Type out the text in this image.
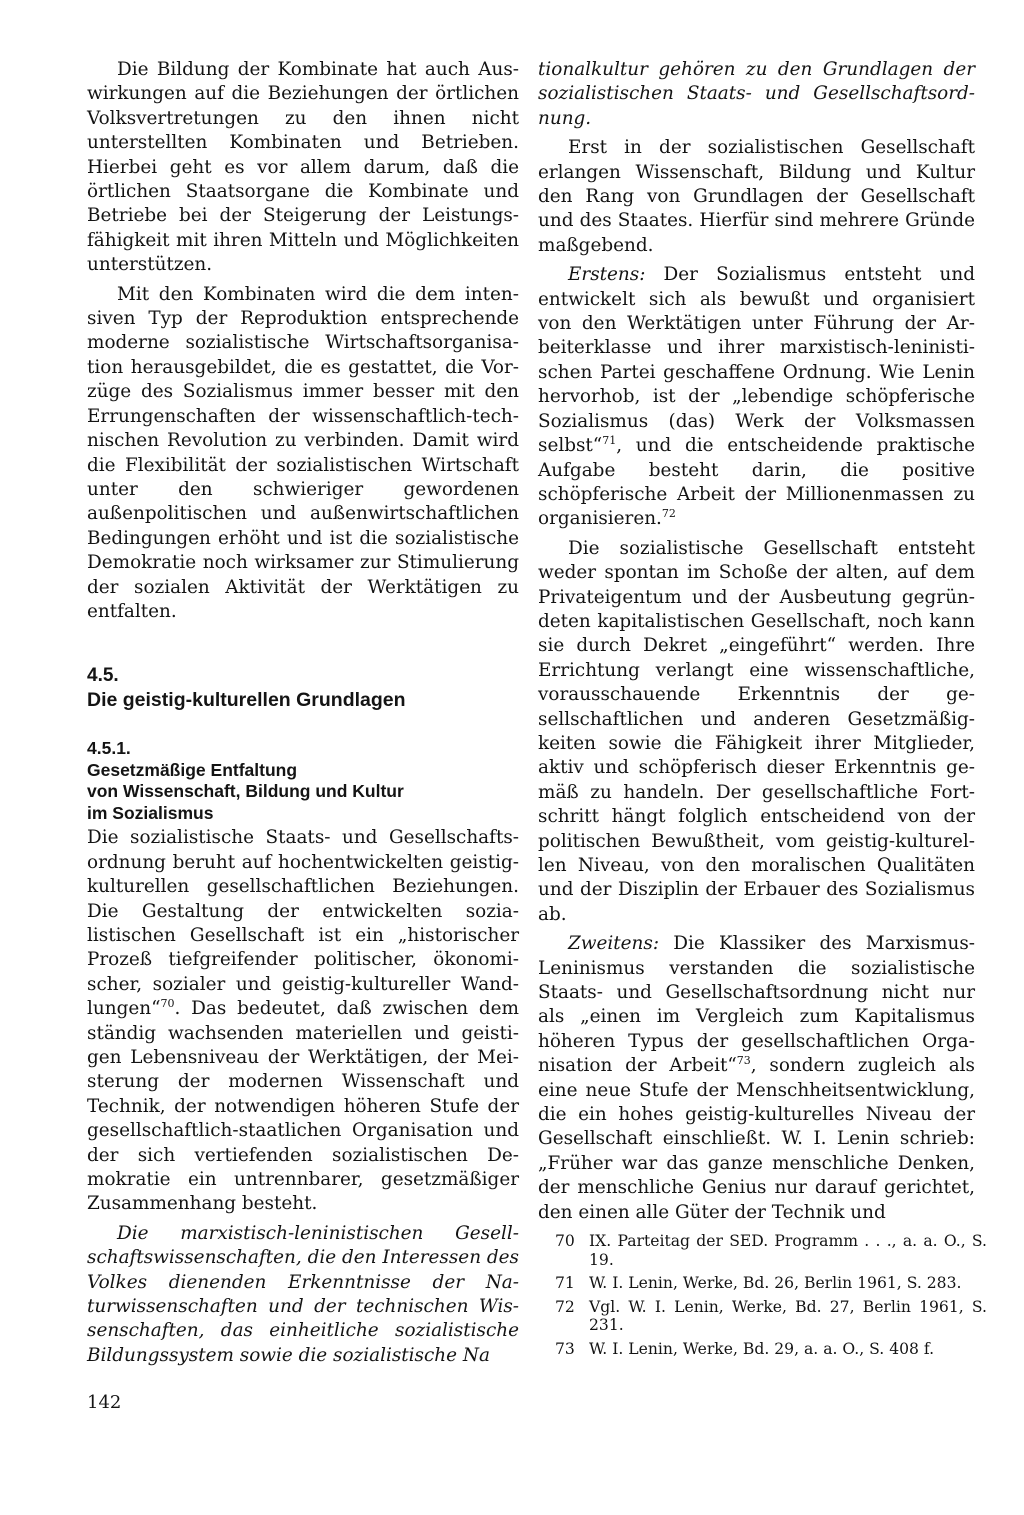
Die Bildung der Kombinate hat auch Auswirkungen auf die Beziehungen der örtlichen Volksvertretungen zu den ihnen nicht unterstellten Kombinaten und Betrieben. Hierbei geht es vor allem darum, daß die örtlichen Staatsorgane die Kombinate und Betriebe bei der Steigerung der Leistungsfähigkeit mit ihren Mitteln und Möglichkeiten unterstützen.

Mit den Kombinaten wird die dem intensiven Typ der Reproduktion entsprechende moderne sozialistische Wirtschaftsorganisation herausgebildet, die es gestattet, die Vorzüge des Sozialismus immer besser mit den Errungenschaften der wissenschaftlich-technischen Revolution zu verbinden. Damit wird die Flexibilität der sozialistischen Wirtschaft unter den schwieriger gewordenen außenpolitischen und außenwirtschaftlichen Bedingungen erhöht und ist die sozialistische Demokratie noch wirksamer zur Stimulierung der sozialen Aktivität der Werktätigen zu entfalten.

4.5.
Die geistig-kulturellen Grundlagen
4.5.1.
Gesetzmäßige Entfaltung
von Wissenschaft, Bildung und Kultur
im Sozialismus

Die sozialistische Staats- und Gesellschaftsordnung beruht auf hochentwickelten geistig-kulturellen gesellschaftlichen Beziehungen. Die Gestaltung der entwickelten sozialistischen Gesellschaft ist ein „historischer Prozeß tiefgreifender politischer, ökonomischer, sozialer und geistig-kultureller Wandlungen“$^{70}$. Das bedeutet, daß zwischen dem ständig wachsenden materiellen und geistigen Lebensniveau der Werktätigen, der Meisterung der modernen Wissenschaft und Technik, der notwendigen höheren Stufe der gesellschaftlich-staatlichen Organisation und der sich vertiefenden sozialistischen Demokratie ein untrennbarer, gesetzmäßiger Zusammenhang besteht.

Die marxistisch-leninistischen Gesellschaftswissenschaften, die den Interessen des Volkes dienenden Erkenntnisse der Naturwissenschaften und der technischen Wissenschaften, das einheitliche sozialistische Bildungssystem sowie die sozialistische Na

tionalkultur gehören zu den Grundlagen der sozialistischen Staats- und Gesellschaftsordnung.

Erst in der sozialistischen Gesellschaft erlangen Wissenschaft, Bildung und Kultur den Rang von Grundlagen der Gesellschaft und des Staates. Hierfür sind mehrere Gründe maßgebend.

Erstens: Der Sozialismus entsteht und entwickelt sich als bewußt und organisiert von den Werktätigen unter Führung der Arbeiterklasse und ihrer marxistisch-leninistischen Partei geschaffene Ordnung. Wie Lenin hervorhob, ist der „lebendige schöpferische Sozialismus (das) Werk der Volksmassen selbst“$^{71}$, und die entscheidende praktische Aufgabe besteht darin, die positive schöpferische Arbeit der Millionenmassen zu organisieren.$^{72}$

Die sozialistische Gesellschaft entsteht weder spontan im Schoße der alten, auf dem Privateigentum und der Ausbeutung gegründeten kapitalistischen Gesellschaft, noch kann sie durch Dekret „eingeführt“ werden. Ihre Errichtung verlangt eine wissenschaftliche, vorausschauende Erkenntnis der gesellschaftlichen und anderen Gesetzmäßigkeiten sowie die Fähigkeit ihrer Mitglieder, aktiv und schöpferisch dieser Erkenntnis gemäß zu handeln. Der gesellschaftliche Fortschritt hängt folglich entscheidend von der politischen Bewußtheit, vom geistig-kulturellen Niveau, von den moralischen Qualitäten und der Disziplin der Erbauer des Sozialismus ab.

Zweitens: Die Klassiker des Marxismus-Leninismus verstanden die sozialistische Staats- und Gesellschaftsordnung nicht nur als „einen im Vergleich zum Kapitalismus höheren Typus der gesellschaftlichen Organisation der Arbeit“$^{73}$, sondern zugleich als eine neue Stufe der Menschheitsentwicklung, die ein hohes geistig-kulturelles Niveau der Gesellschaft einschließt. W. I. Lenin schrieb: „Früher war das ganze menschliche Denken, der menschliche Genius nur darauf gerichtet, den einen alle Güter der Technik und

70 IX. Parteitag der SED. Programm . . ., a. a. O., S. 19.
71 W. I. Lenin, Werke, Bd. 26, Berlin 1961, S. 283.
72 Vgl. W. I. Lenin, Werke, Bd. 27, Berlin 1961, S. 231.
73 W. I. Lenin, Werke, Bd. 29, a. a. O., S. 408 f.
142
